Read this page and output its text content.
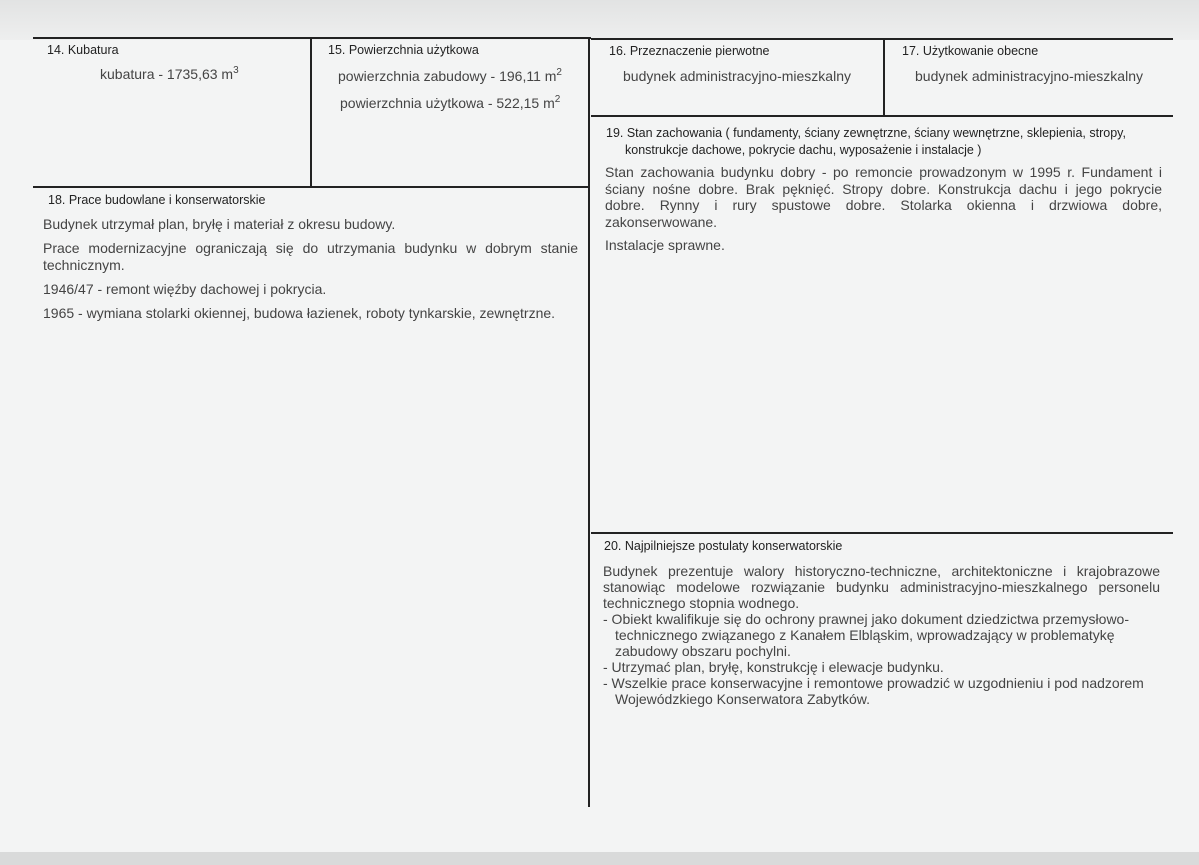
14. Kubatura
kubatura - 1735,63 $m^3$
15. Powierzchnia użytkowa
powierzchnia zabudowy - 196,11 $m^2$
powierzchnia użytkowa - 522,15 $m^2$
16. Przeznaczenie pierwotne
budynek administracyjno-mieszkalny
17. Użytkowanie obecne
budynek administracyjno-mieszkalny
19. Stan zachowania ( fundamenty, ściany zewnętrzne, ściany wewnętrzne, sklepienia, stropy,
konstrukcje dachowe, pokrycie dachu, wyposażenie i instalacje )

Stan zachowania budynku dobry - po remoncie prowadzonym w 1995 r. Fundament i ściany nośne dobre. Brak pęknięć. Stropy dobre. Konstrukcja dachu i jego pokrycie dobre. Rynny i rury spustowe dobre. Stolarka okienna i drzwiowa dobre, zakonserwowane.

Instalacje sprawne.

18. Prace budowlane i konserwatorskie

Budynek utrzymał plan, bryłę i materiał z okresu budowy.

Prace modernizacyjne ograniczają się do utrzymania budynku w dobrym stanie technicznym.

1946/47 - remont więźby dachowej i pokrycia.

1965 - wymiana stolarki okiennej, budowa łazienek, roboty tynkarskie, zewnętrzne.

20. Najpilniejsze postulaty konserwatorskie

Budynek prezentuje walory historyczno-techniczne, architektoniczne i krajobrazowe stanowiąc modelowe rozwiązanie budynku administracyjno-mieszkalnego personelu technicznego stopnia wodnego.

- Obiekt kwalifikuje się do ochrony prawnej jako dokument dziedzictwa przemysłowo-technicznego związanego z Kanałem Elbląskim, wprowadzający w problematykę zabudowy obszaru pochylni.

- Utrzymać plan, bryłę, konstrukcję i elewacje budynku.

- Wszelkie prace konserwacyjne i remontowe prowadzić w uzgodnieniu i pod nadzorem Wojewódzkiego Konserwatora Zabytków.
